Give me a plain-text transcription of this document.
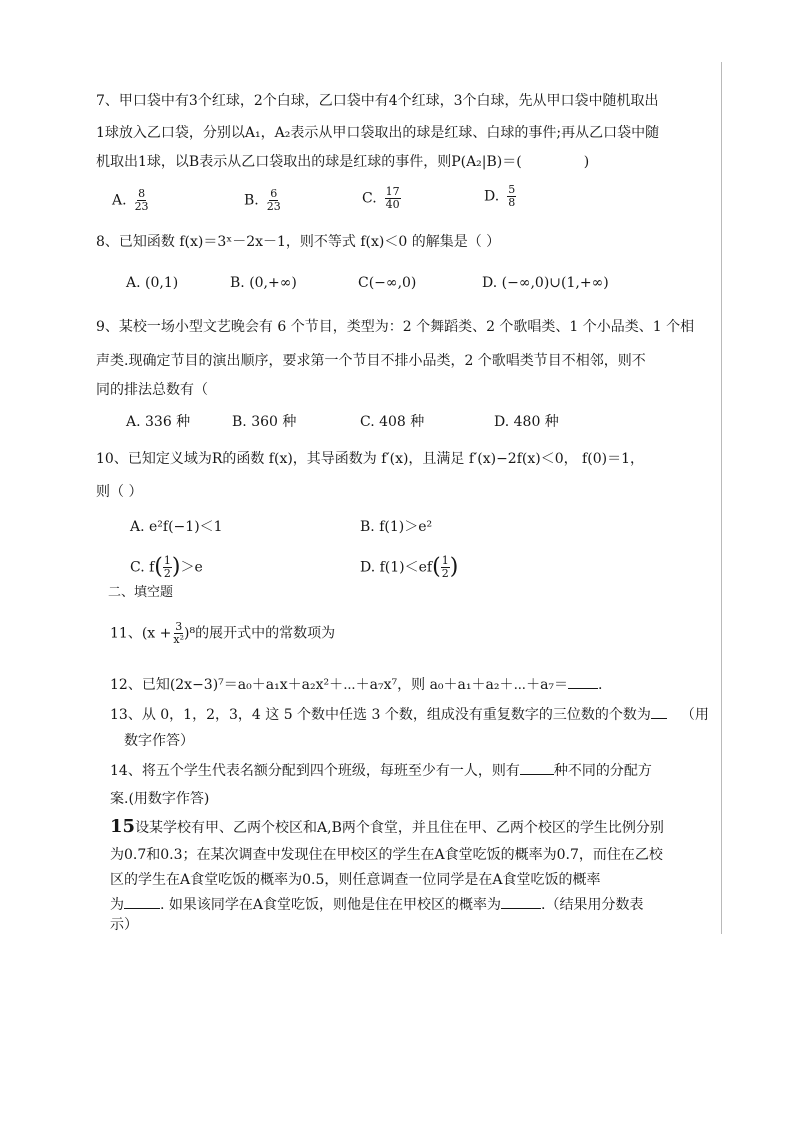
7、甲口袋中有3个红球，2个白球，乙口袋中有4个红球，3个白球，先从甲口袋中随机取出
1球放入乙口袋，分别以A₁，A₂表示从甲口袋取出的球是红球、白球的事件;再从乙口袋中随
机取出1球，以B表示从乙口袋取出的球是红球的事件，则P(A₂|B)＝(	)
A. $\frac{8}{23}$	B. $\frac{6}{23}$	C. $\frac{17}{40}$	D. $\frac{5}{8}$
8、已知函数 f(x)＝3ˣ－2x－1，则不等式 f(x)＜0 的解集是（ ）
A. (0,1)	B. (0,+∞)	C(−∞,0)	D. (−∞,0)∪(1,+∞)
9、某校一场小型文艺晚会有 6 个节目，类型为：2 个舞蹈类、2 个歌唱类、1 个小品类、1 个相
声类.现确定节目的演出顺序，要求第一个节目不排小品类，2 个歌唱类节目不相邻，则不
同的排法总数有（
A. 336 种	B. 360 种	C. 408 种	D. 480 种
10、已知定义域为R的函数 f(x)，其导函数为 f′(x)，且满足 f′(x)−2f(x)＜0， f(0)＝1，
则（ ）
A. e²f(−1)＜1	B. f(1)＞e²
C. $f( \frac{1}{2} )>e$	D. $f(1)<ef( \frac{1}{2}$ )
二、填空题
11、$(x + \frac{3}{\text{x²}} )^8$的展开式中的常数项为
12、已知(2x−3)⁷＝a₀＋a₁x＋a₂x²＋⋯＋a₇x⁷，则 a₀＋a₁＋a₂＋⋯＋a₇＝ .
13、从 0，1，2，3，4 这 5 个数中任选 3 个数，组成没有重复数字的三位数的个数为 （用
数字作答）
14、将五个学生代表名额分配到四个班级，每班至少有一人，则有 种不同的分配方
案.(用数字作答)
15设某学校有甲、乙两个校区和A,B两个食堂，并且住在甲、乙两个校区的学生比例分别
为0.7和0.3；在某次调查中发现住在甲校区的学生在A食堂吃饭的概率为0.7，而住在乙校
区的学生在A食堂吃饭的概率为0.5，则任意调查一位同学是在A食堂吃饭的概率
为	. 如果该同学在A食堂吃饭，则他是住在甲校区的概率为	.（结果用分数表
示）
